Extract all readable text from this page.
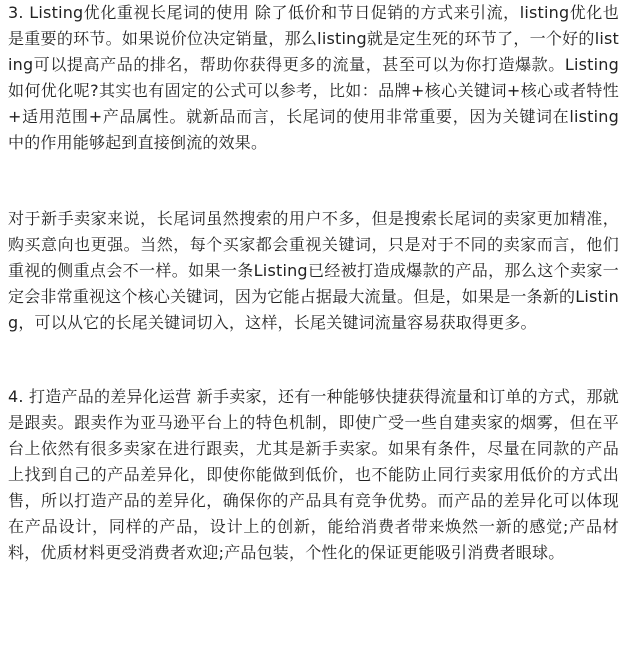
3. Listing优化重视长尾词的使用 除了低价和节日促销的方式来引流，listing优化也是重要的环节。如果说价位决定销量，那么listing就是定生死的环节了，一个好的listing可以提高产品的排名，帮助你获得更多的流量，甚至可以为你打造爆款。Listing如何优化呢?其实也有固定的公式可以参考，比如：品牌+核心关键词+核心或者特性+适用范围+产品属性。就新品而言，长尾词的使用非常重要，因为关键词在listing中的作用能够起到直接倒流的效果。

对于新手卖家来说，长尾词虽然搜索的用户不多，但是搜索长尾词的卖家更加精准，购买意向也更强。当然，每个买家都会重视关键词，只是对于不同的卖家而言，他们重视的侧重点会不一样。如果一条Listing已经被打造成爆款的产品，那么这个卖家一定会非常重视这个核心关键词，因为它能占据最大流量。但是，如果是一条新的Listing，可以从它的长尾关键词切入，这样，长尾关键词流量容易获取得更多。

4. 打造产品的差异化运营 新手卖家，还有一种能够快捷获得流量和订单的方式，那就是跟卖。跟卖作为亚马逊平台上的特色机制，即使广受一些自建卖家的烟雾，但在平台上依然有很多卖家在进行跟卖，尤其是新手卖家。如果有条件，尽量在同款的产品上找到自己的产品差异化，即使你能做到低价，也不能防止同行卖家用低价的方式出售，所以打造产品的差异化，确保你的产品具有竞争优势。而产品的差异化可以体现在产品设计，同样的产品，设计上的创新，能给消费者带来焕然一新的感觉;产品材料，优质材料更受消费者欢迎;产品包装，个性化的保证更能吸引消费者眼球。
